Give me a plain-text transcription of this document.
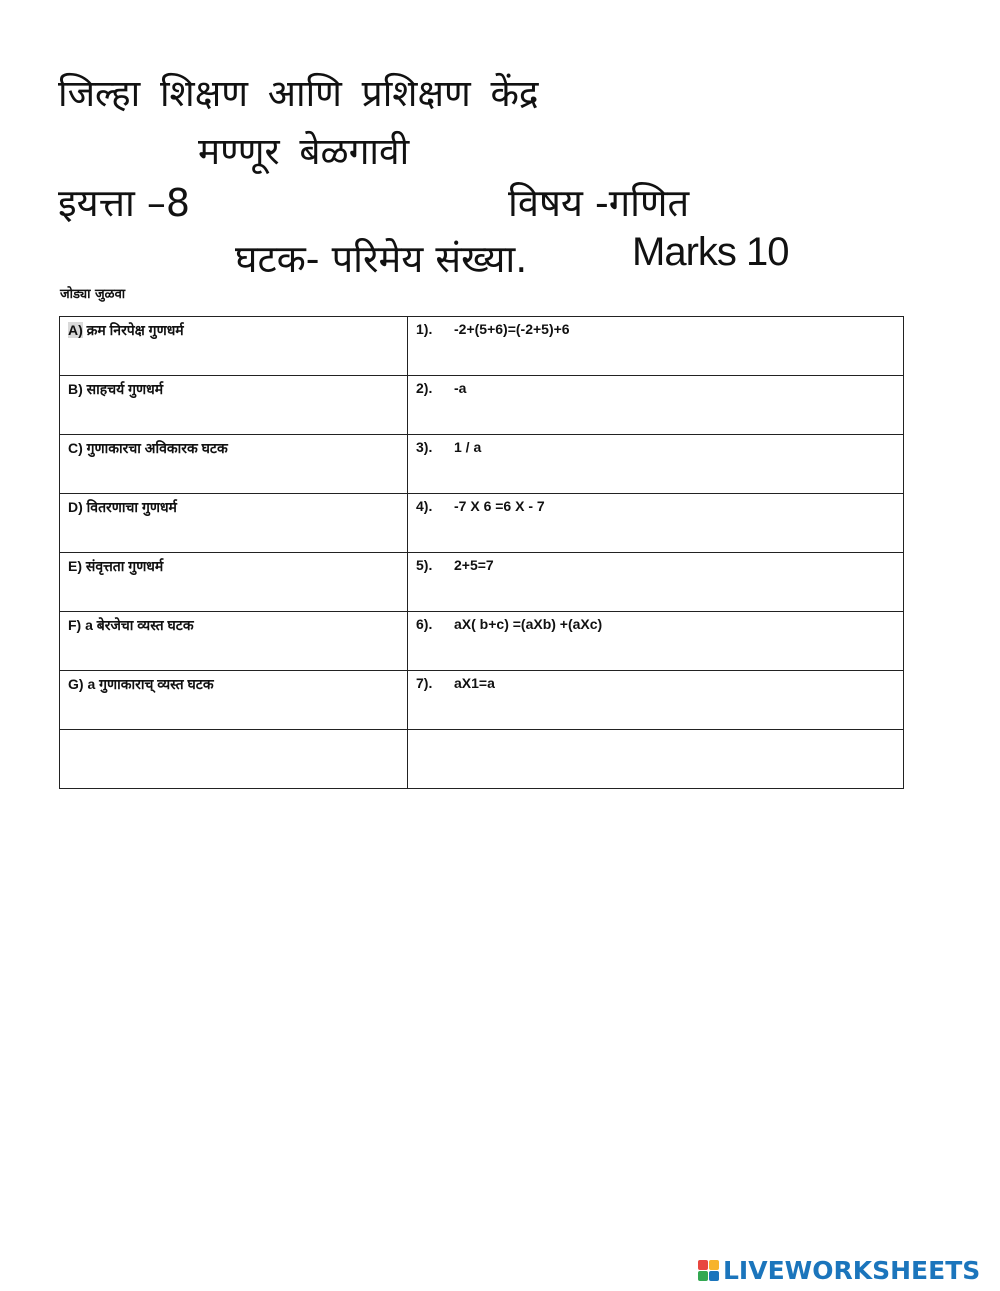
जिल्हा शिक्षण आणि प्रशिक्षण केंद्र
मण्णूर बेळगावी
इयत्ता –8	विषय -गणित
घटक- परिमेय संख्या.	Marks 10
जोड्या जुळवा
A) क्रम निरपेक्ष गुणधर्म	1). -2+(5+6)=(-2+5)+6
B) साहचर्य गुणधर्म	2). -a
C) गुणाकारचा अविकारक घटक	3). 1 / a
D) वितरणाचा गुणधर्म	4). -7 X 6 =6 X - 7
E) संवृत्तता गुणधर्म	5). 2+5=7
F) a बेरजेचा व्यस्त घटक	6). aX( b+c) =(aXb) +(aXc)
G) a गुणाकाराच् व्यस्त घटक	7). aX1=a

LIVEWORKSHEETS
